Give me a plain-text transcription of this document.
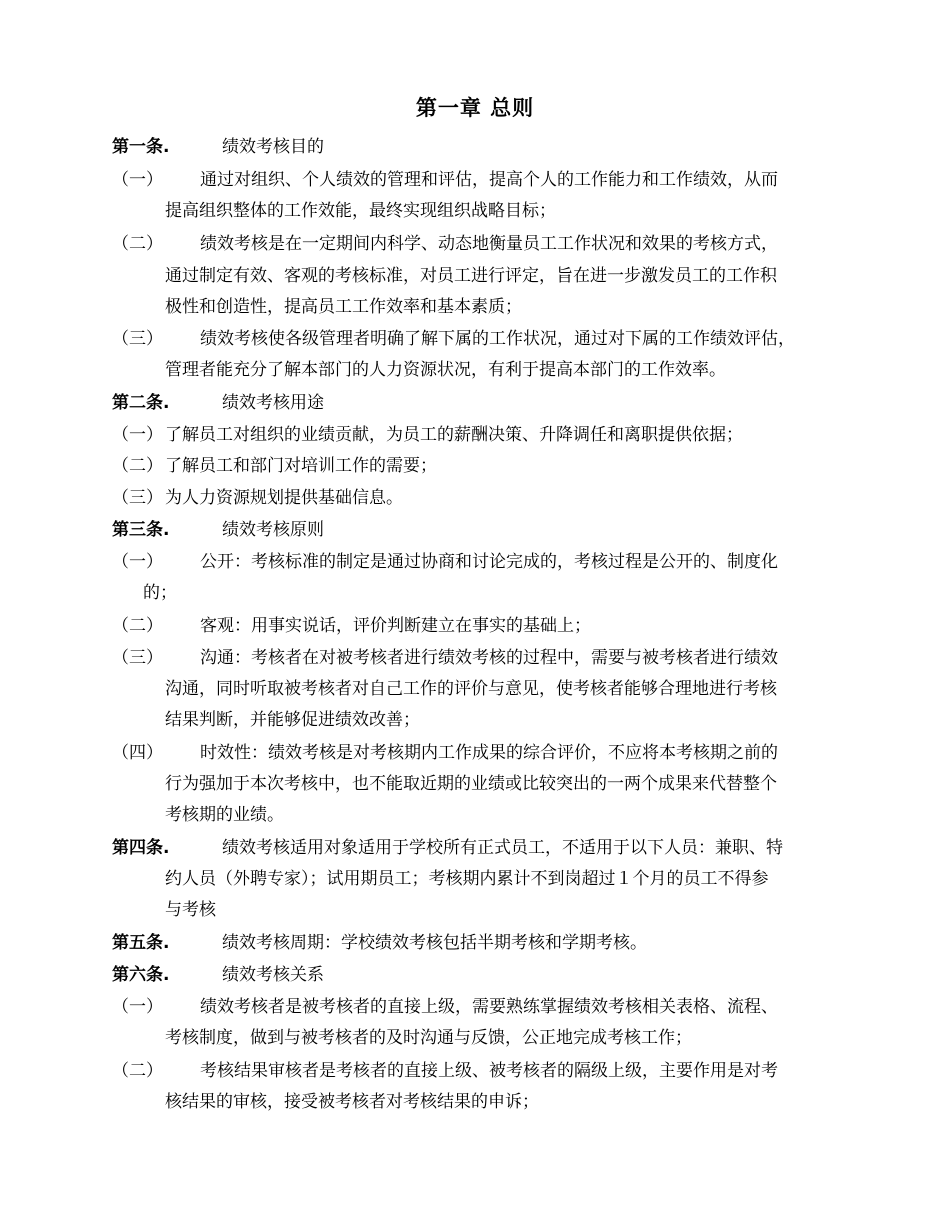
第一章 总则
第一条.	绩效考核目的
（一） 通过对组织、个人绩效的管理和评估，提高个人的工作能力和工作绩效，从而
提高组织整体的工作效能，最终实现组织战略目标；
（二） 绩效考核是在一定期间内科学、动态地衡量员工工作状况和效果的考核方式，
通过制定有效、客观的考核标准，对员工进行评定，旨在进一步激发员工的工作积
极性和创造性，提高员工工作效率和基本素质；
（三） 绩效考核使各级管理者明确了解下属的工作状况，通过对下属的工作绩效评估，
管理者能充分了解本部门的人力资源状况，有利于提高本部门的工作效率。
第二条.	绩效考核用途
（一） 了解员工对组织的业绩贡献，为员工的薪酬决策、升降调任和离职提供依据；
（二） 了解员工和部门对培训工作的需要；
（三） 为人力资源规划提供基础信息。
第三条.	绩效考核原则
（一） 公开：考核标准的制定是通过协商和讨论完成的，考核过程是公开的、制度化
的；
（二） 客观：用事实说话，评价判断建立在事实的基础上；
（三） 沟通：考核者在对被考核者进行绩效考核的过程中，需要与被考核者进行绩效
沟通，同时听取被考核者对自己工作的评价与意见，使考核者能够合理地进行考核
结果判断，并能够促进绩效改善；
（四） 时效性：绩效考核是对考核期内工作成果的综合评价，不应将本考核期之前的
行为强加于本次考核中，也不能取近期的业绩或比较突出的一两个成果来代替整个
考核期的业绩。
第四条.	绩效考核适用对象适用于学校所有正式员工，不适用于以下人员：兼职、特
约人员（外聘专家）；试用期员工；考核期内累计不到岗超过１个月的员工不得参
与考核
第五条.	绩效考核周期：学校绩效考核包括半期考核和学期考核。
第六条.	绩效考核关系
（一） 绩效考核者是被考核者的直接上级，需要熟练掌握绩效考核相关表格、流程、
考核制度，做到与被考核者的及时沟通与反馈，公正地完成考核工作；
（二） 考核结果审核者是考核者的直接上级、被考核者的隔级上级，主要作用是对考
核结果的审核，接受被考核者对考核结果的申诉；
